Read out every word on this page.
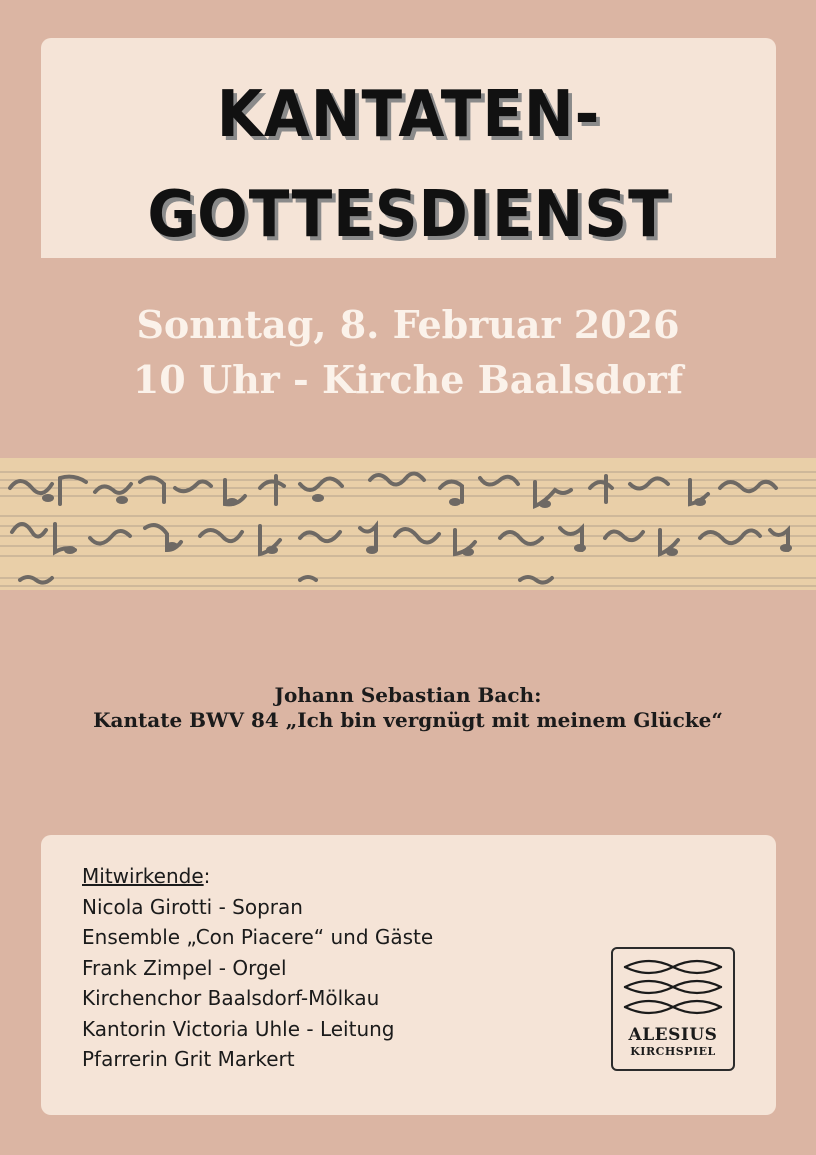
KANTATEN-
GOTTESDIENST
Sonntag, 8. Februar 2026
10 Uhr - Kirche Baalsdorf
Johann Sebastian Bach:
Kantate BWV 84 „Ich bin vergnügt mit meinem Glücke“
Mitwirkende:
Nicola Girotti - Sopran
Ensemble „Con Piacere“ und Gäste
Frank Zimpel - Orgel
Kirchenchor Baalsdorf-Mölkau
Kantorin Victoria Uhle - Leitung
Pfarrerin Grit Markert
ALESIUS
KIRCHSPIEL
